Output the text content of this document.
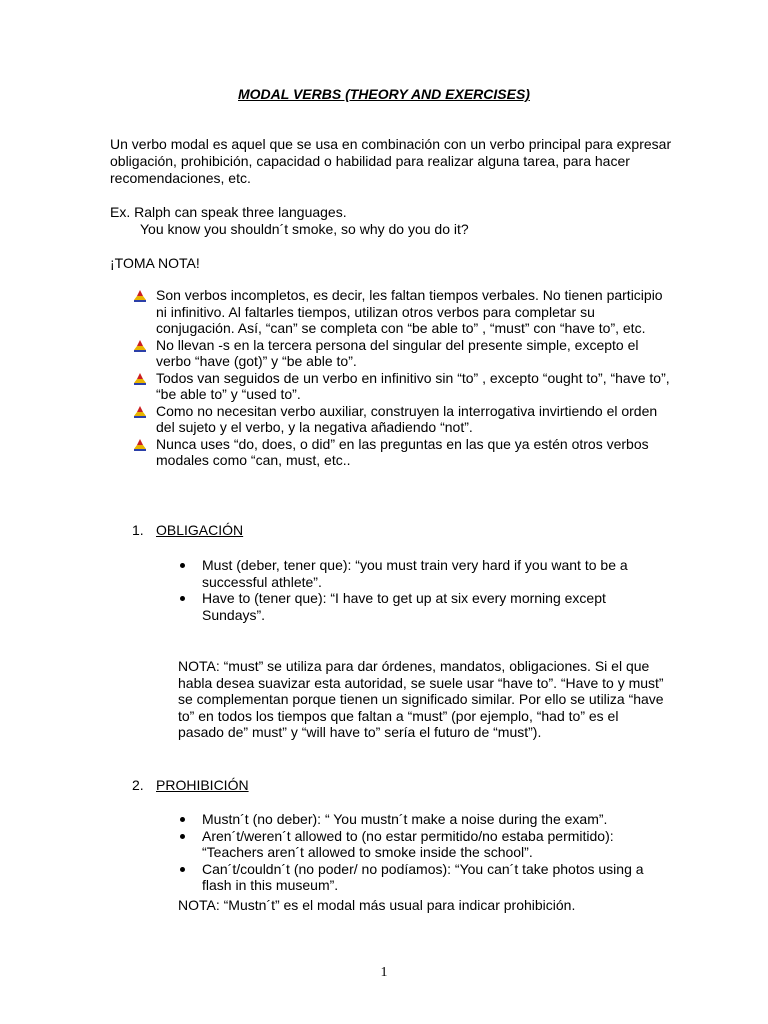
MODAL VERBS (THEORY AND EXERCISES)
Un verbo modal es aquel que se usa en combinación con un verbo principal para expresar obligación, prohibición, capacidad o habilidad para realizar alguna tarea, para hacer recomendaciones, etc.
Ex. Ralph can speak three languages.
You know you shouldn´t smoke, so why do you do it?
¡TOMA NOTA!
Son verbos incompletos, es decir, les faltan tiempos verbales. No tienen participio ni infinitivo. Al faltarles tiempos, utilizan otros verbos para completar su conjugación. Así, “can” se completa con “be able to” , “must” con “have to”, etc.
No llevan -s en la tercera persona del singular del presente simple, excepto el verbo “have (got)” y “be able to”.
Todos van seguidos de un verbo en infinitivo sin “to” , excepto “ought to”, “have to”, “be able to” y “used to”.
Como no necesitan verbo auxiliar, construyen la interrogativa invirtiendo el orden del sujeto y el verbo, y la negativa añadiendo “not”.
Nunca uses “do, does, o did” en las preguntas en las que ya estén otros verbos modales como “can, must, etc..
1. OBLIGACIÓN
Must (deber, tener que): “you must train very hard if you want to be a successful athlete”.
Have to (tener que): “I have to get up at six every morning except Sundays”.
NOTA: “must” se utiliza para dar órdenes, mandatos, obligaciones. Si el que habla desea suavizar esta autoridad, se suele usar “have to”. “Have to y must” se complementan porque tienen un significado similar. Por ello se utiliza “have to” en todos los tiempos que faltan a “must” (por ejemplo, “had to” es el pasado de” must” y “will have to” sería el futuro de “must”).
2. PROHIBICIÓN
Mustn´t (no deber): “ You mustn´t make a noise during the exam”.
Aren´t/weren´t allowed to (no estar permitido/no estaba permitido): “Teachers aren´t allowed to smoke inside the school”.
Can´t/couldn´t (no poder/ no podíamos): “You can´t take photos using a flash in this museum”.
NOTA: “Mustn´t” es el modal más usual para indicar prohibición.
1
